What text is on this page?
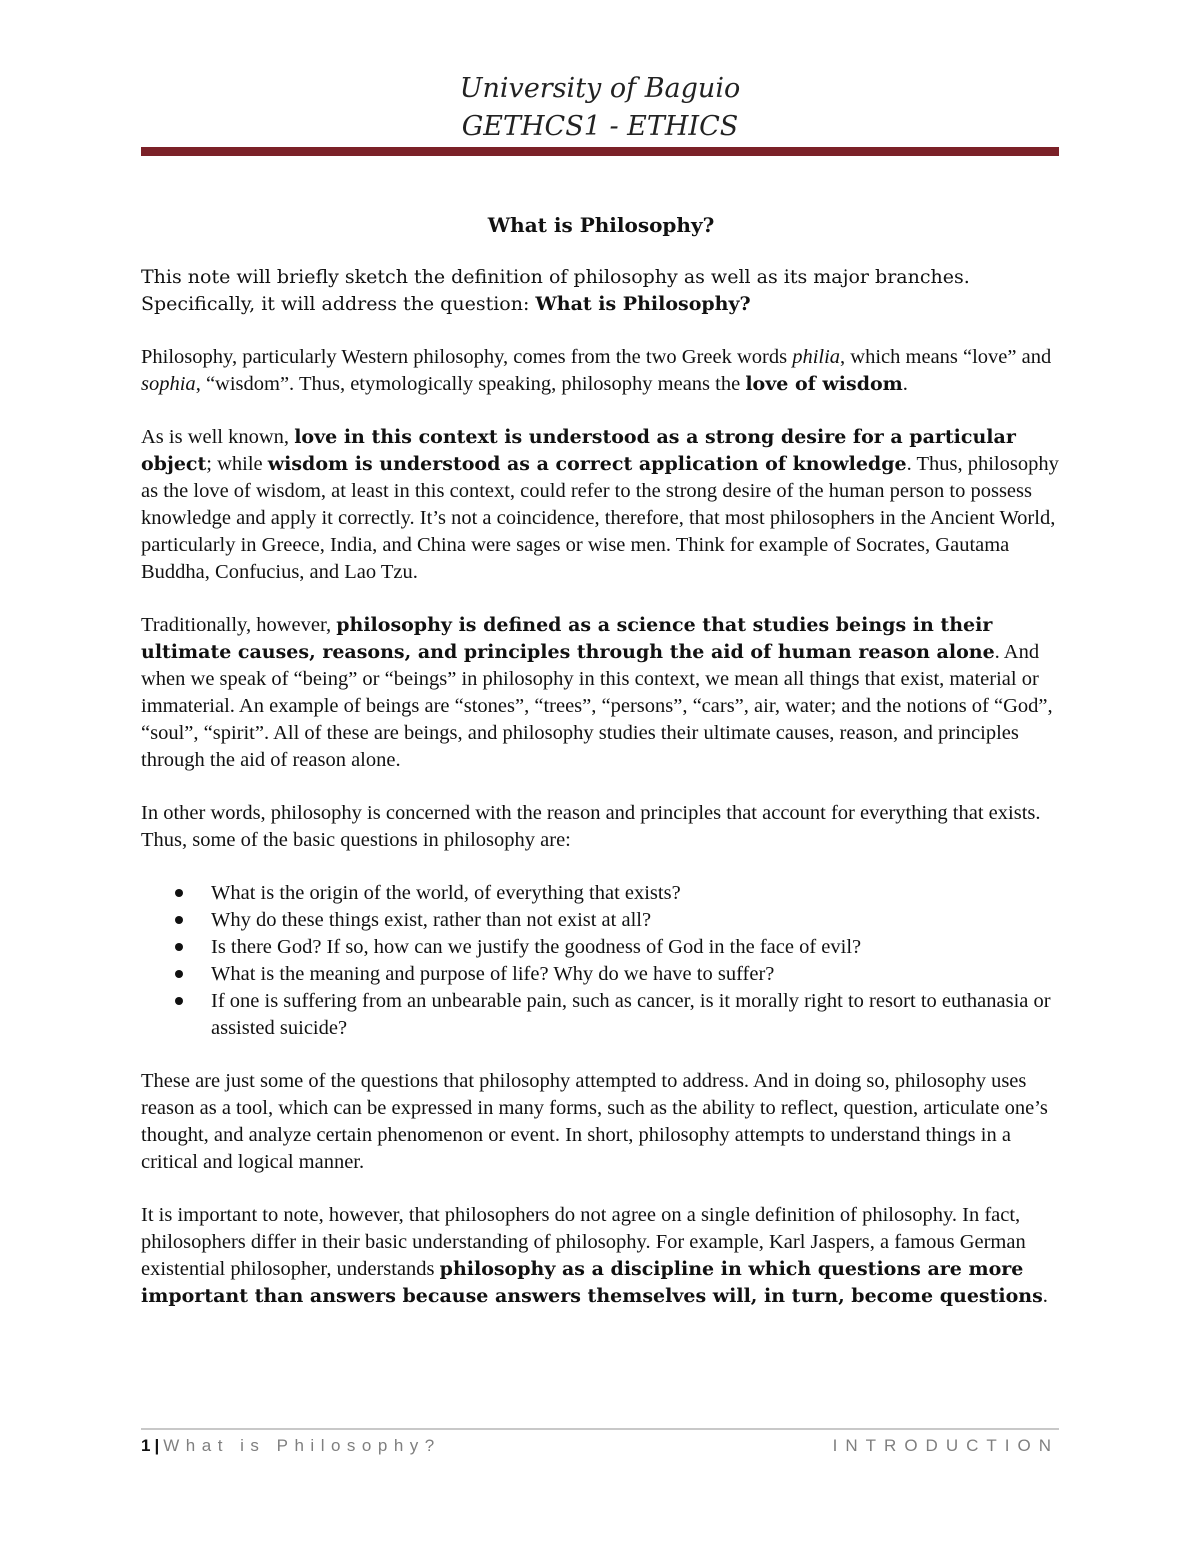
University of Baguio
GETHCS1 - ETHICS

What is Philosophy?

This note will briefly sketch the definition of philosophy as well as its major branches.
Specifically, it will address the question: What is Philosophy?

Philosophy, particularly Western philosophy, comes from the two Greek words philia, which means “love” and sophia, “wisdom”. Thus, etymologically speaking, philosophy means the love of wisdom.

As is well known, love in this context is understood as a strong desire for a particular object; while wisdom is understood as a correct application of knowledge. Thus, philosophy as the love of wisdom, at least in this context, could refer to the strong desire of the human person to possess knowledge and apply it correctly. It’s not a coincidence, therefore, that most philosophers in the Ancient World, particularly in Greece, India, and China were sages or wise men. Think for example of Socrates, Gautama Buddha, Confucius, and Lao Tzu.

Traditionally, however, philosophy is defined as a science that studies beings in their ultimate causes, reasons, and principles through the aid of human reason alone. And when we speak of “being” or “beings” in philosophy in this context, we mean all things that exist, material or immaterial. An example of beings are “stones”, “trees”, “persons”, “cars”, air, water; and the notions of “God”, “soul”, “spirit”. All of these are beings, and philosophy studies their ultimate causes, reason, and principles through the aid of reason alone.

In other words, philosophy is concerned with the reason and principles that account for everything that exists. Thus, some of the basic questions in philosophy are:

What is the origin of the world, of everything that exists?
Why do these things exist, rather than not exist at all?
Is there God? If so, how can we justify the goodness of God in the face of evil?
What is the meaning and purpose of life? Why do we have to suffer?
If one is suffering from an unbearable pain, such as cancer, is it morally right to resort to euthanasia or assisted suicide?

These are just some of the questions that philosophy attempted to address. And in doing so, philosophy uses reason as a tool, which can be expressed in many forms, such as the ability to reflect, question, articulate one’s thought, and analyze certain phenomenon or event. In short, philosophy attempts to understand things in a critical and logical manner.

It is important to note, however, that philosophers do not agree on a single definition of philosophy. In fact, philosophers differ in their basic understanding of philosophy. For example, Karl Jaspers, a famous German existential philosopher, understands philosophy as a discipline in which questions are more important than answers because answers themselves will, in turn, become questions.

1 | What is Philosophy?	INTRODUCTION
